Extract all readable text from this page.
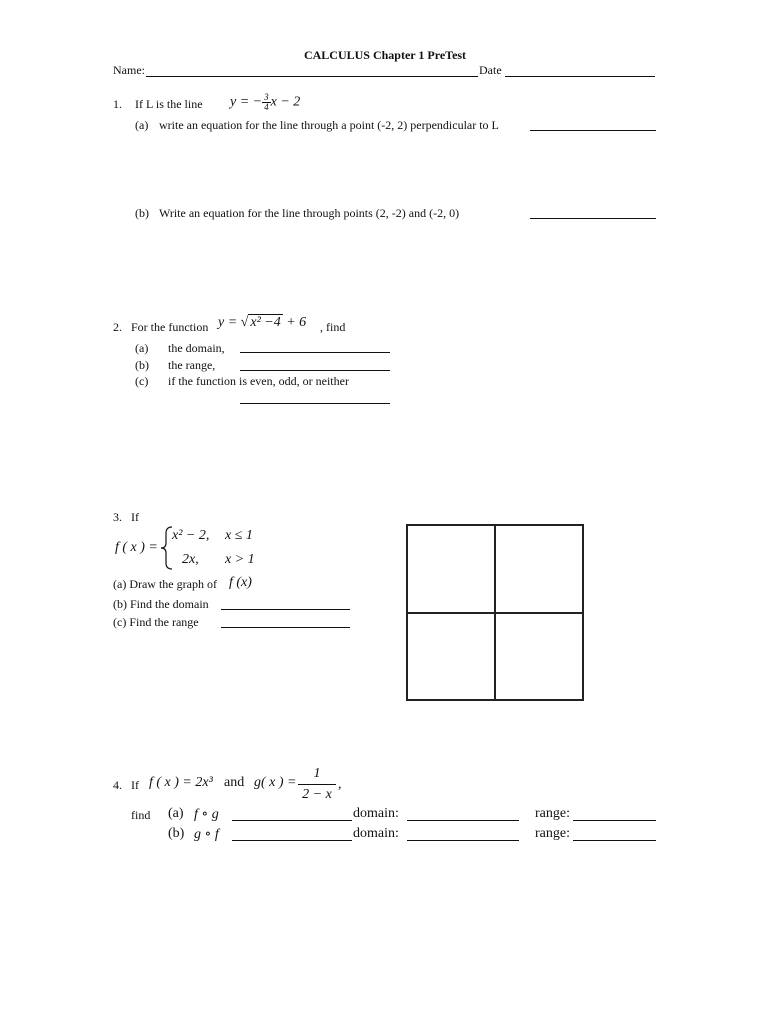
CALCULUS Chapter 1 PreTest
Name:	Date
1. If L is the line y = − $\frac{3}{4}$ x − 2
(a) write an equation for the line through a point (-2, 2) perpendicular to L
(b) Write an equation for the line through points (2, -2) and (-2, 0)
2. For the function y = √ x² −4 + 6 , find
(a) the domain,
(b) the range,
(c) if the function is even, odd, or neither
3. If
f ( x ) =
x² − 2, x ≤ 1
2x, x > 1
(a) Draw the graph of f (x)
(b) Find the domain
(c) Find the range
4. If f ( x ) = 2x³ and g( x ) =
1
2 − x
,
find (a) f ∘ g	domain:	range:
(b) g ∘ f	domain:	range:
